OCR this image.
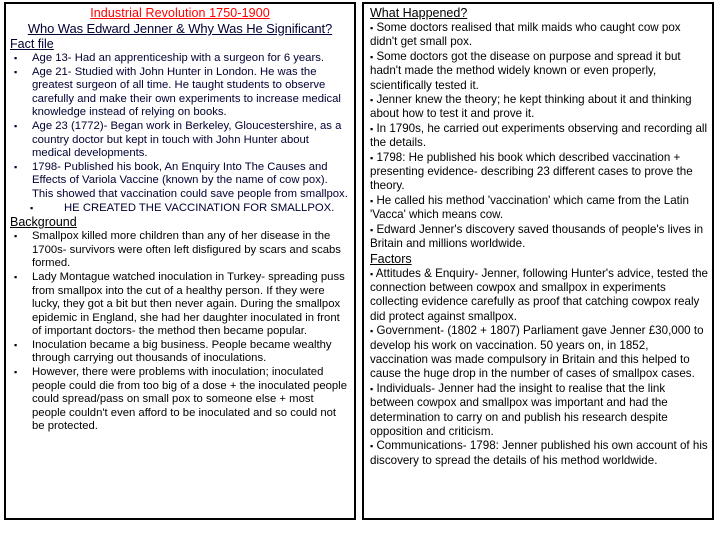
Industrial Revolution 1750-1900
Who Was Edward Jenner & Why Was He Significant?
Fact file
▪	Age 13- Had an apprenticeship with a surgeon for 6 years.
▪	Age 21- Studied with John Hunter in London. He was the greatest surgeon of all time. He taught students to observe carefully and make their own experiments to increase medical knowledge instead of relying on books.
▪	Age 23 (1772)- Began work in Berkeley, Gloucestershire, as a country doctor but kept in touch with John Hunter about medical developments.
▪	1798- Published his book, An Enquiry Into The Causes and Effects of Variola Vaccine (known by the name of cow pox). This showed that vaccination could save people from smallpox.
▪	HE CREATED THE VACCINATION FOR SMALLPOX.
Background
▪	Smallpox killed more children than any of her disease in the 1700s- survivors were often left disfigured by scars and scabs formed.
▪	Lady Montague watched inoculation in Turkey- spreading puss from smallpox into the cut of a healthy person. If they were lucky, they got a bit but then never again. During the smallpox epidemic in England, she had her daughter inoculated in front of important doctors- the method then became popular.
▪	Inoculation became a big business. People became wealthy through carrying out thousands of inoculations.
▪	However, there were problems with inoculation; inoculated people could die from too big of a dose + the inoculated people could spread/pass on small pox to someone else + most people couldn't even afford to be inoculated and so could not be protected.
What Happened?
▪ Some doctors realised that milk maids who caught cow pox didn't get small pox.
▪ Some doctors got the disease on purpose and spread it but hadn't made the method widely known or even properly, scientifically tested it.
▪ Jenner knew the theory; he kept thinking about it and thinking about how to test it and prove it.
▪ In 1790s, he carried out experiments observing and recording all the details.
▪ 1798: He published his book which described vaccination + presenting evidence- describing 23 different cases to prove the theory.
▪ He called his method 'vaccination' which came from the Latin 'Vacca' which means cow.
▪ Edward Jenner's discovery saved thousands of people's lives in Britain and millions worldwide.
Factors
▪ Attitudes & Enquiry- Jenner, following Hunter's advice, tested the connection between cowpox and smallpox in experiments collecting evidence carefully as proof that catching cowpox realy did protect against smallpox.
▪ Government- (1802 + 1807) Parliament gave Jenner £30,000 to develop his work on vaccination. 50 years on, in 1852, vaccination was made compulsory in Britain and this helped to cause the huge drop in the number of cases of smallpox cases.
▪ Individuals- Jenner had the insight to realise that the link between cowpox and smallpox was important and had the determination to carry on and publish his research despite opposition and criticism.
▪ Communications- 1798: Jenner published his own account of his discovery to spread the details of his method worldwide.
